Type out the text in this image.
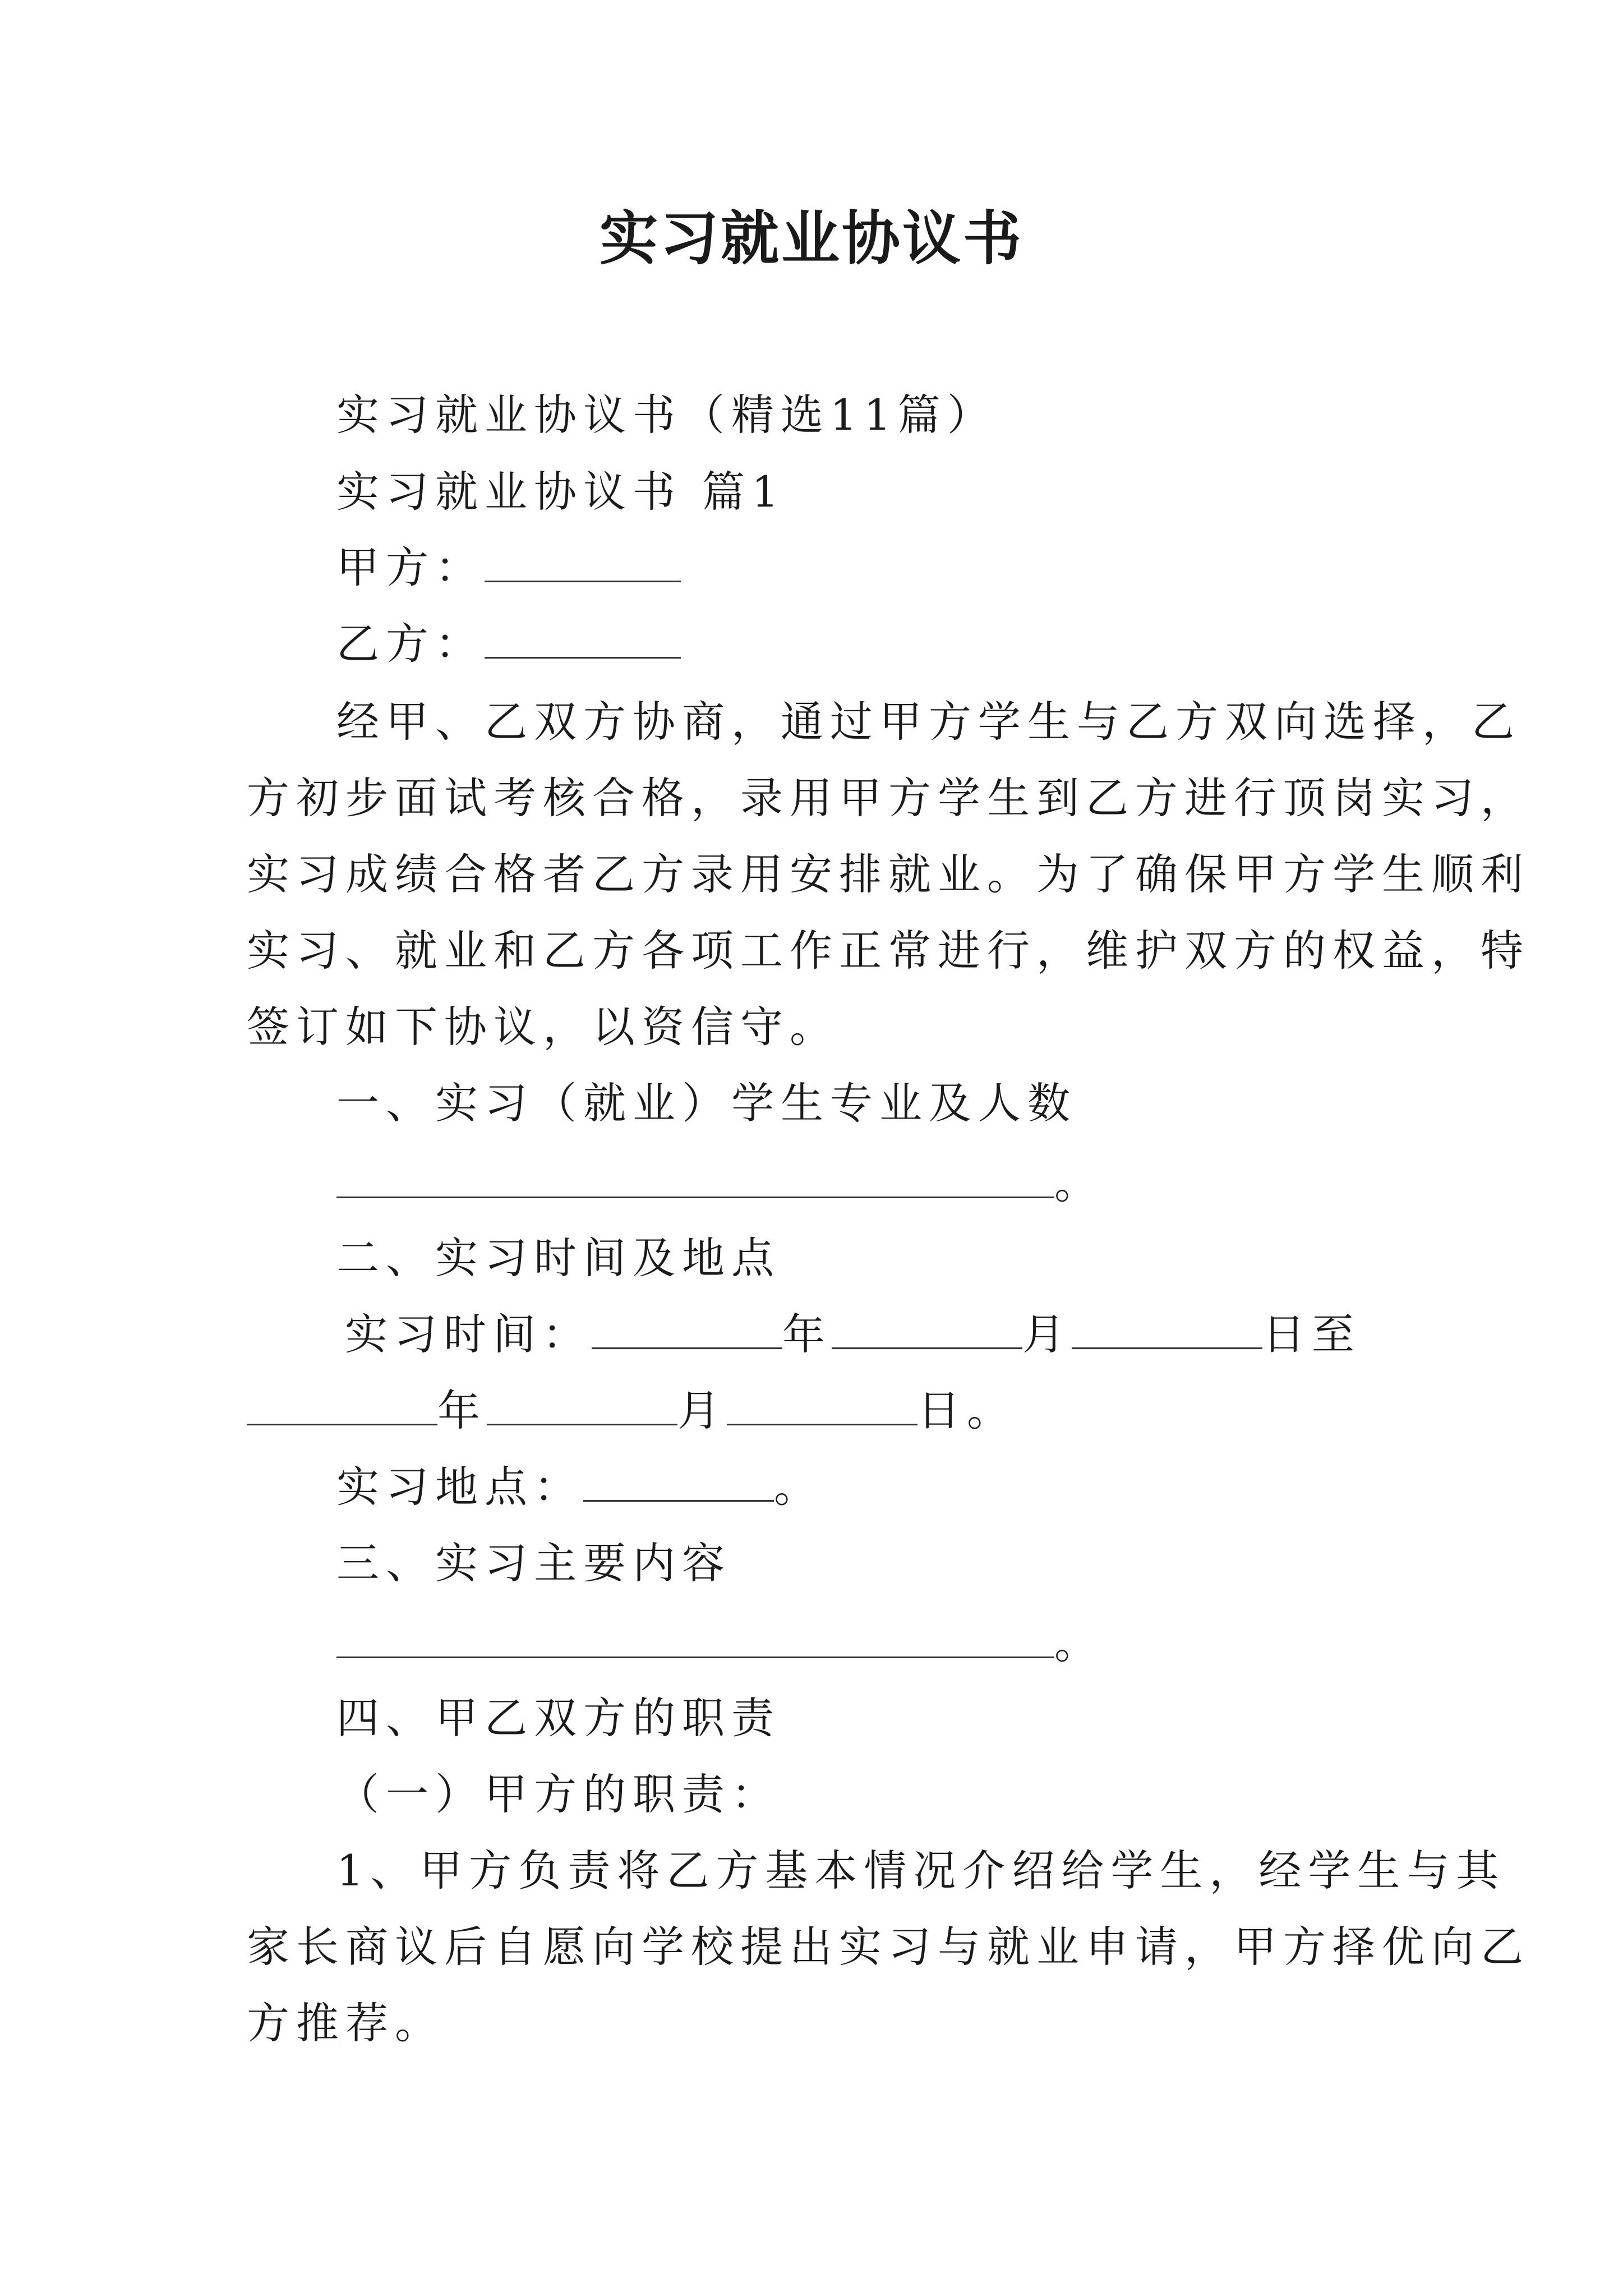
实习就业协议书
实习就业协议书（精选11篇）
实习就业协议书 篇1
甲方：
乙方：
经甲、乙双方协商，通过甲方学生与乙方双向选择，乙
方初步面试考核合格，录用甲方学生到乙方进行顶岗实习，
实习成绩合格者乙方录用安排就业。为了确保甲方学生顺利
实习、就业和乙方各项工作正常进行，维护双方的权益，特
签订如下协议，以资信守。
一、实习（就业）学生专业及人数
。
二、实习时间及地点
实习时间：	年	月	日至
年	月	日。
实习地点：	。
三、实习主要内容
。
四、甲乙双方的职责
（一）甲方的职责：
1、甲方负责将乙方基本情况介绍给学生，经学生与其
家长商议后自愿向学校提出实习与就业申请，甲方择优向乙
方推荐。
